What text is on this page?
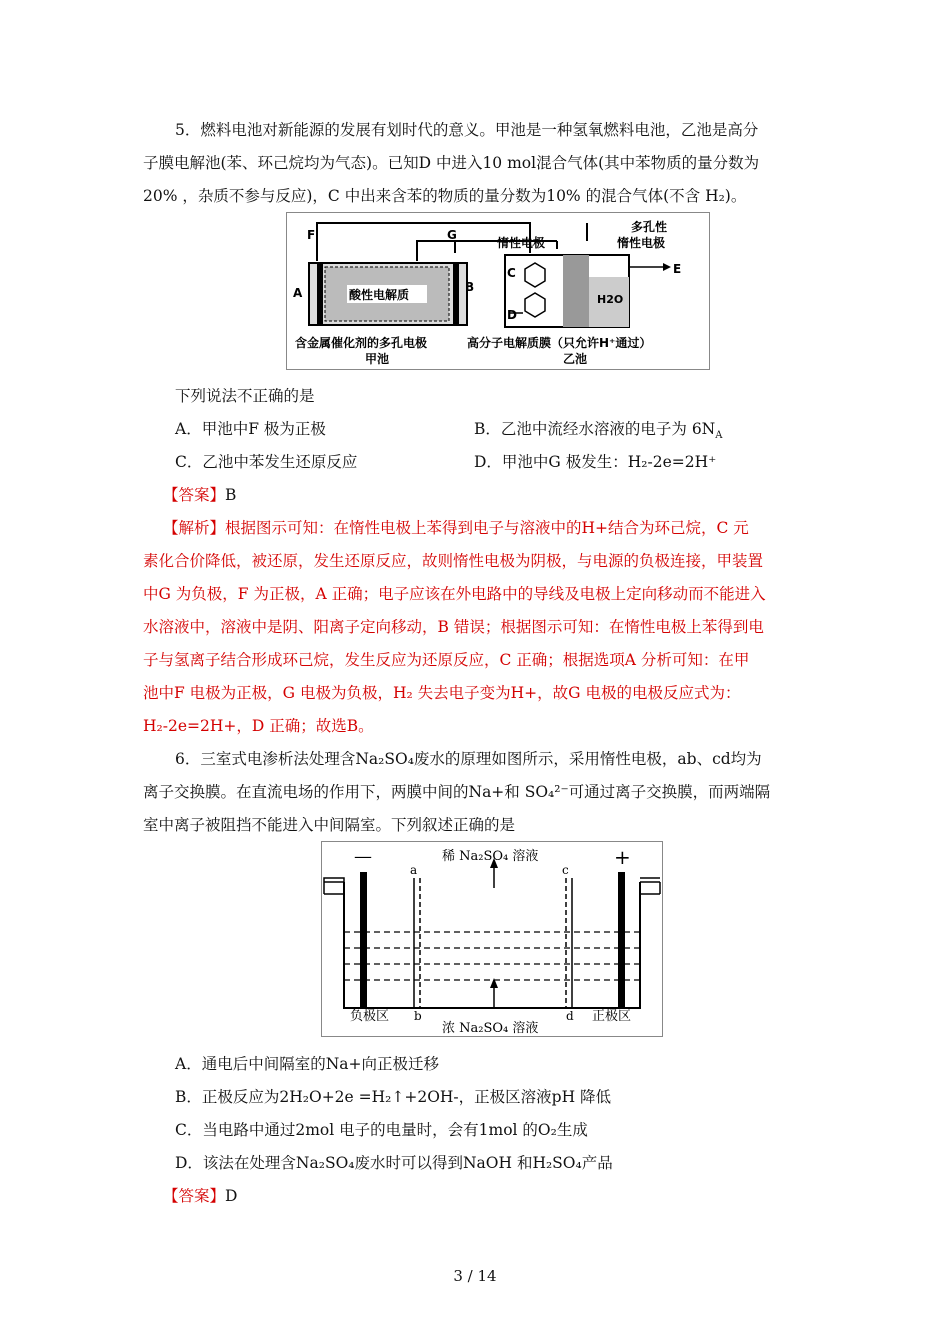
5．燃料电池对新能源的发展有划时代的意义。甲池是一种氢氧燃料电池，乙池是高分
子膜电解池(苯、环己烷均为气态)。已知D 中进入10 mol混合气体(其中苯物质的量分数为
20% ，杂质不参与反应)，C 中出来含苯的物质的量分数为10% 的混合气体(不含 H₂)。
F	G
A	B
C
D
E
酸性电解质
惰性电极
多孔性
惰性电极
H2O
含金属催化剂的多孔电极
甲池
高分子电解质膜（只允许H⁺通过）
乙池
下列说法不正确的是
A．甲池中F 极为正极	B．乙池中流经水溶液的电子为 $6N_A$
C．乙池中苯发生还原反应	D．甲池中G 极发生：H₂-2e=2H⁺
【答案】B
【解析】根据图示可知：在惰性电极上苯得到电子与溶液中的H+结合为环己烷，C 元
素化合价降低，被还原，发生还原反应，故则惰性电极为阴极，与电源的负极连接，甲装置
中G 为负极，F 为正极，A 正确；电子应该在外电路中的导线及电极上定向移动而不能进入
水溶液中，溶液中是阴、阳离子定向移动，B 错误；根据图示可知：在惰性电极上苯得到电
子与氢离子结合形成环己烷，发生反应为还原反应，C 正确；根据选项A 分析可知：在甲
池中F 电极为正极，G 电极为负极，H₂ 失去电子变为H+，故G 电极的电极反应式为：
H₂-2e=2H+，D 正确；故选B。
6．三室式电渗析法处理含Na₂SO₄废水的原理如图所示，采用惰性电极，ab、cd均为
离子交换膜。在直流电场的作用下，两膜中间的Na+和 SO₄²⁻可通过离子交换膜，而两端隔
室中离子被阻挡不能进入中间隔室。下列叙述正确的是
稀 Na₂SO₄ 溶液
浓 Na₂SO₄ 溶液
—	+
a	c
b	d
负极区	正极区
A．通电后中间隔室的Na+向正极迁移
B．正极反应为2H₂O+2e =H₂↑+2OH-，正极区溶液pH 降低
C．当电路中通过2mol 电子的电量时，会有1mol 的O₂生成
D．该法在处理含Na₂SO₄废水时可以得到NaOH 和H₂SO₄产品
【答案】D
3 / 14
